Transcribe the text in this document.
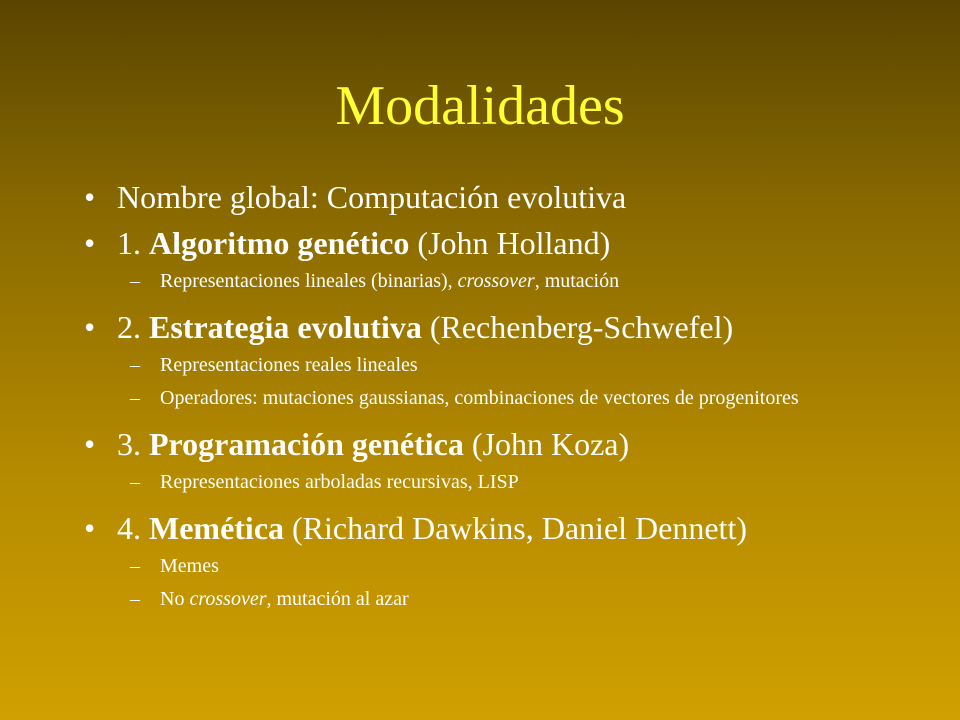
Modalidades
• Nombre global: Computación evolutiva
• 1. Algoritmo genético (John Holland)
– Representaciones lineales (binarias), crossover, mutación
• 2. Estrategia evolutiva (Rechenberg-Schwefel)
– Representaciones reales lineales
– Operadores: mutaciones gaussianas, combinaciones de vectores de progenitores
• 3. Programación genética (John Koza)
– Representaciones arboladas recursivas, LISP
• 4. Memética (Richard Dawkins, Daniel Dennett)
– Memes
– No crossover, mutación al azar
